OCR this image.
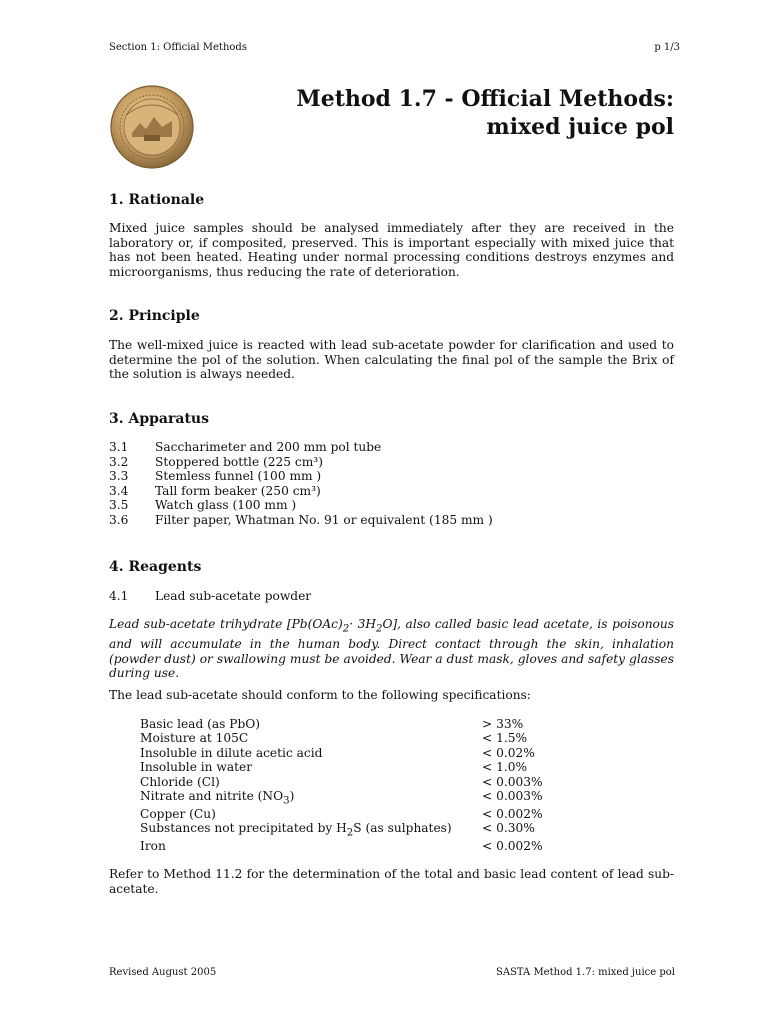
Section 1: Official Methods	p 1/3
Method 1.7 - Official Methods:
mixed juice pol
1. Rationale
Mixed juice samples should be analysed immediately after they are received in the laboratory or, if composited, preserved. This is important especially with mixed juice that has not been heated. Heating under normal processing conditions destroys enzymes and microorganisms, thus reducing the rate of deterioration.
2. Principle
The well-mixed juice is reacted with lead sub-acetate powder for clarification and used to determine the pol of the solution. When calculating the final pol of the sample the Brix of the solution is always needed.
3. Apparatus
3.1	Saccharimeter and 200 mm pol tube
3.2	Stoppered bottle (225 cm³)
3.3	Stemless funnel (100 mm )
3.4	Tall form beaker (250 cm³)
3.5	Watch glass (100 mm )
3.6	Filter paper, Whatman No. 91 or equivalent (185 mm )
4. Reagents
4.1	Lead sub-acetate powder
Lead sub-acetate trihydrate $[Pb(OAc)_2\cdot 3H_2O]$, also called basic lead acetate, is poisonous and will accumulate in the human body. Direct contact through the skin, inhalation (powder dust) or swallowing must be avoided. Wear a dust mask, gloves and safety glasses during use.
The lead sub-acetate should conform to the following specifications:
Basic lead (as PbO)	> 33%
Moisture at 105C	< 1.5%
Insoluble in dilute acetic acid	< 0.02%
Insoluble in water	< 1.0%
Chloride (Cl)	< 0.003%
Nitrate and nitrite $(NO_3)$	< 0.003%
Copper (Cu)	< 0.002%
Substances not precipitated by $H_2S$ (as sulphates) < 0.30%
Iron	< 0.002%
Refer to Method 11.2 for the determination of the total and basic lead content of lead sub-acetate.
Revised August 2005	SASTA Method 1.7: mixed juice pol
